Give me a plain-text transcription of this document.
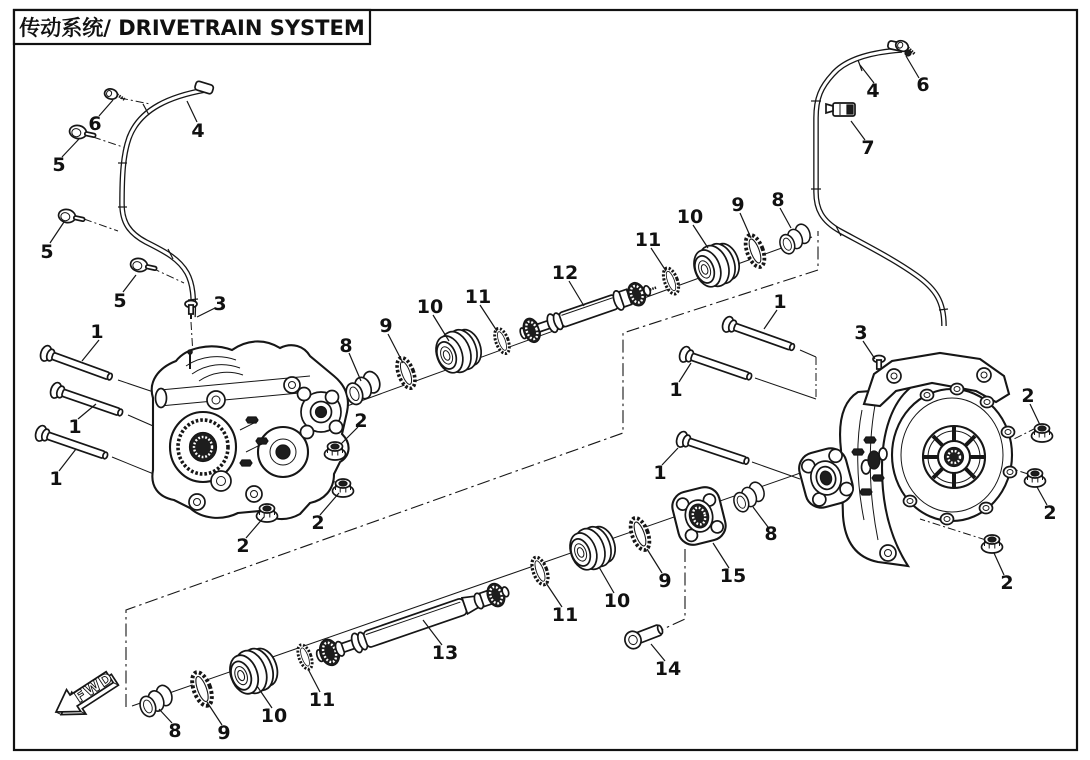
传动系统/ DRIVETRAIN SYSTEM
FWD
6
5
5
5
4
3
1
1
1
2
2
2
8
9
10 11
12
11
10
9 8
4 6
7
3
1
1
1
2
2
2
8 9
10
11
13
11
10
9	15
8
14
